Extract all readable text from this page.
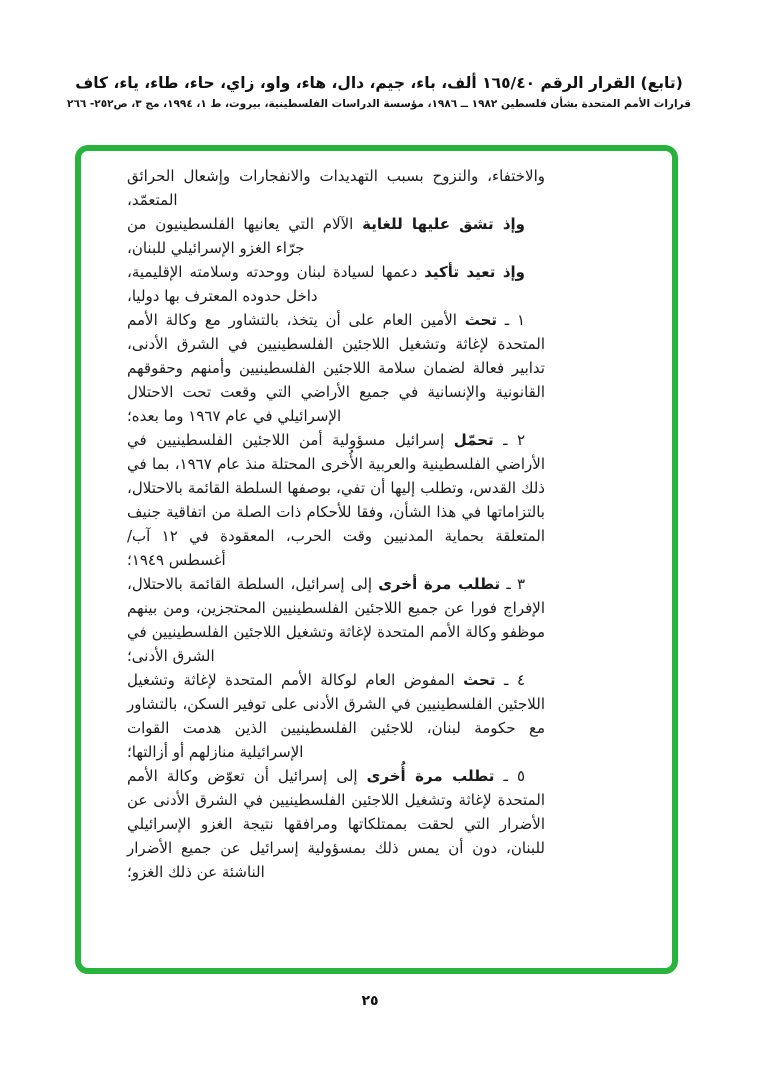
(تابع) القرار الرقم ١٦٥/٤٠ ألف، باء، جيم، دال، هاء، واو، زاي، حاء، طاء، ياء، كاف
قرارات الأمم المتحدة بشأن فلسطين ١٩٨٢ ــ ١٩٨٦، مؤسسة الدراسات الفلسطينية، بيروت، ط ١، ١٩٩٤، مج ٣، ص٢٥٢- ٢٦٦

والاختفاء، والنزوح بسبب التهديدات والانفجارات وإشعال الحرائق المتعمّد،

وإذ تشق عليها للغاية الآلام التي يعانيها الفلسطينيون من جرّاء الغزو الإسرائيلي للبنان،

وإذ تعيد تأكيد دعمها لسيادة لبنان ووحدته وسلامته الإقليمية، داخل حدوده المعترف بها دوليا،

١ ـ تحث الأمين العام على أن يتخذ، بالتشاور مع وكالة الأمم المتحدة لإغاثة وتشغيل اللاجئين الفلسطينيين في الشرق الأدنى، تدابير فعالة لضمان سلامة اللاجئين الفلسطينيين وأمنهم وحقوقهم القانونية والإنسانية في جميع الأراضي التي وقعت تحت الاحتلال الإسرائيلي في عام ١٩٦٧ وما بعده؛

٢ ـ تحمّل إسرائيل مسؤولية أمن اللاجئين الفلسطينيين في الأراضي الفلسطينية والعربية الأُخرى المحتلة منذ عام ١٩٦٧، بما في ذلك القدس، وتطلب إليها أن تفي، بوصفها السلطة القائمة بالاحتلال، بالتزاماتها في هذا الشأن، وفقا للأحكام ذات الصلة من اتفاقية جنيف المتعلقة بحماية المدنيين وقت الحرب، المعقودة في ١٢ آب/أغسطس ١٩٤٩؛

٣ ـ تطلب مرة أخرى إلى إسرائيل، السلطة القائمة بالاحتلال، الإفراج فورا عن جميع اللاجئين الفلسطينيين المحتجزين، ومن بينهم موظفو وكالة الأمم المتحدة لإغاثة وتشغيل اللاجئين الفلسطينيين في الشرق الأدنى؛

٤ ـ تحث المفوض العام لوكالة الأمم المتحدة لإغاثة وتشغيل اللاجئين الفلسطينيين في الشرق الأدنى على توفير السكن، بالتشاور مع حكومة لبنان، للاجئين الفلسطينيين الذين هدمت القوات الإسرائيلية منازلهم أو أزالتها؛

٥ ـ تطلب مرة أُخرى إلى إسرائيل أن تعوّض وكالة الأمم المتحدة لإغاثة وتشغيل اللاجئين الفلسطينيين في الشرق الأدنى عن الأضرار التي لحقت بممتلكاتها ومرافقها نتيجة الغزو الإسرائيلي للبنان، دون أن يمس ذلك بمسؤولية إسرائيل عن جميع الأضرار الناشئة عن ذلك الغزو؛

٢٥
